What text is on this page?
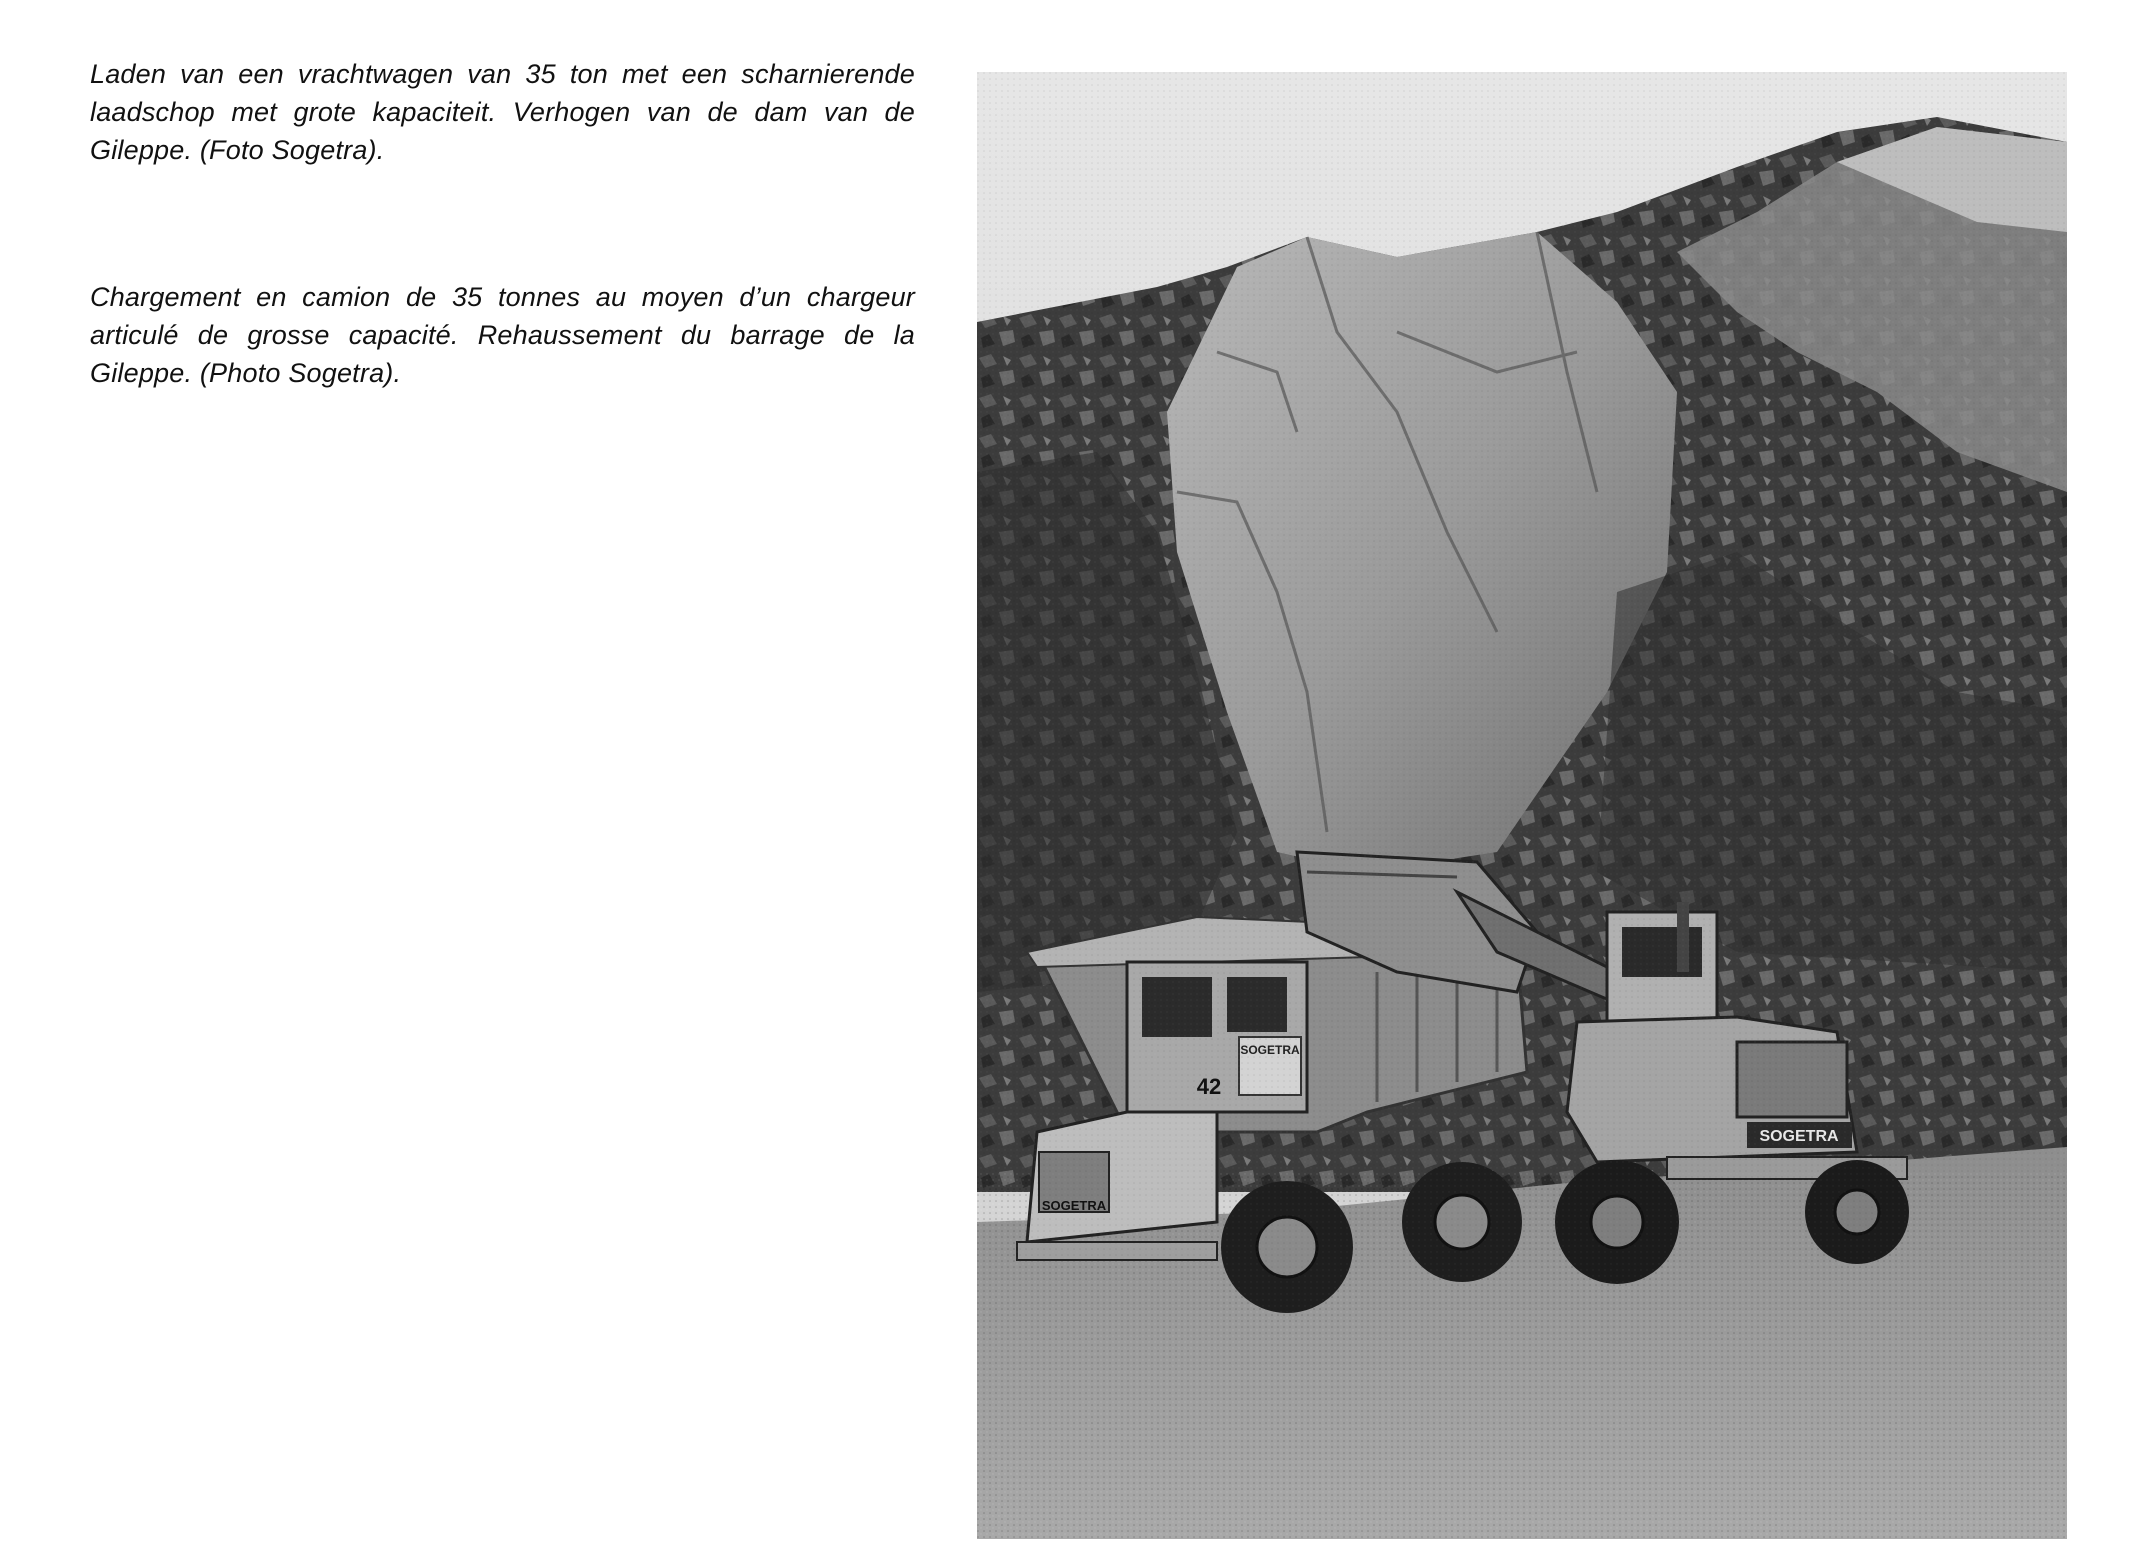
Laden van een vrachtwagen van 35 ton met een scharnierende laadschop met grote kapaciteit. Verhogen van de dam van de Gileppe. (Foto Sogetra).
Chargement en camion de 35 tonnes au moyen d’un chargeur articulé de grosse capacité. Rehaussement du barrage de la Gileppe. (Photo Sogetra).
